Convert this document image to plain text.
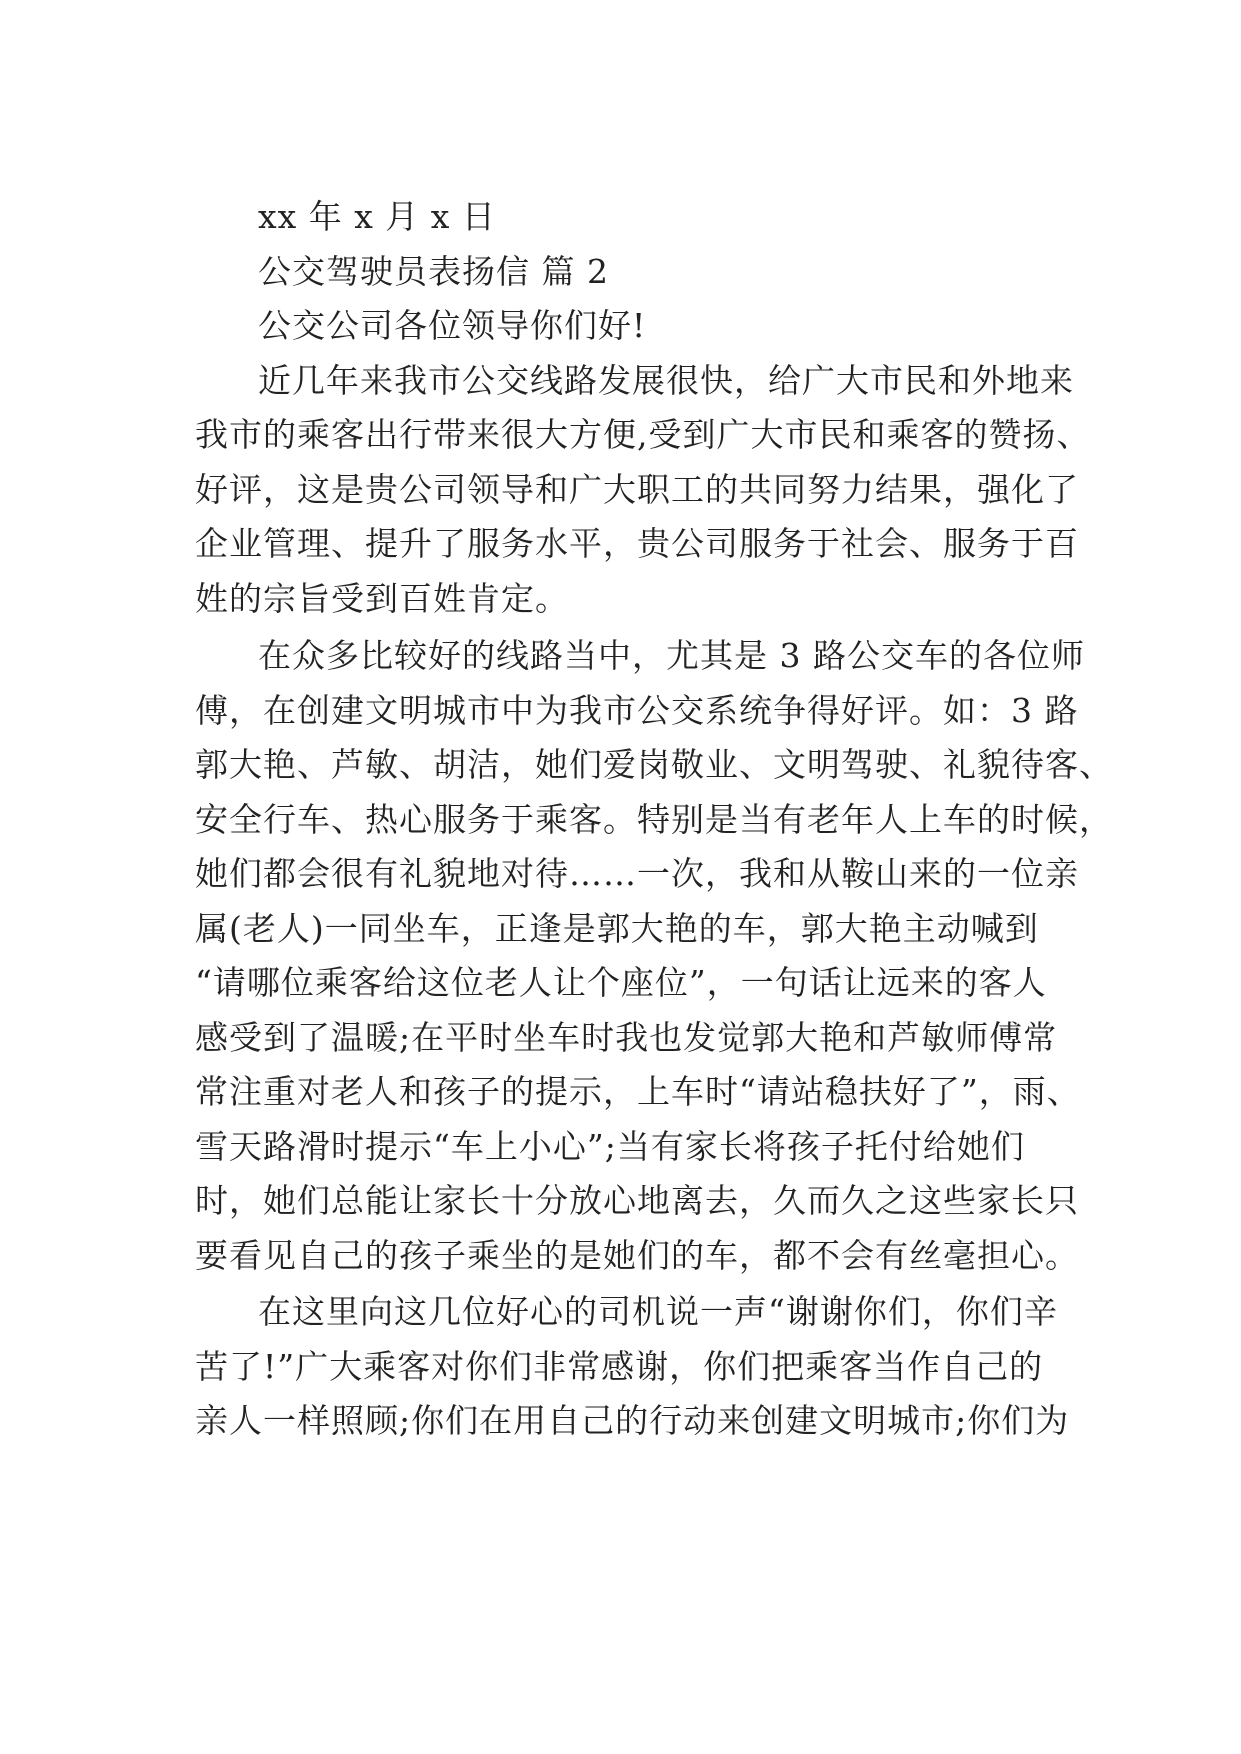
xx 年 x 月 x 日
公交驾驶员表扬信 篇 2
公交公司各位领导你们好!
近几年来我市公交线路发展很快，给广大市民和外地来
我市的乘客出行带来很大方便,受到广大市民和乘客的赞扬、
好评，这是贵公司领导和广大职工的共同努力结果，强化了
企业管理、提升了服务水平，贵公司服务于社会、服务于百
姓的宗旨受到百姓肯定。
在众多比较好的线路当中，尤其是 3 路公交车的各位师
傅，在创建文明城市中为我市公交系统争得好评。如：3 路
郭大艳、芦敏、胡洁，她们爱岗敬业、文明驾驶、礼貌待客、
安全行车、热心服务于乘客。特别是当有老年人上车的时候，
她们都会很有礼貌地对待……一次，我和从鞍山来的一位亲
属(老人)一同坐车，正逢是郭大艳的车，郭大艳主动喊到
“请哪位乘客给这位老人让个座位”，一句话让远来的客人
感受到了温暖;在平时坐车时我也发觉郭大艳和芦敏师傅常
常注重对老人和孩子的提示，上车时“请站稳扶好了”，雨、
雪天路滑时提示“车上小心”;当有家长将孩子托付给她们
时，她们总能让家长十分放心地离去，久而久之这些家长只
要看见自己的孩子乘坐的是她们的车，都不会有丝毫担心。
在这里向这几位好心的司机说一声“谢谢你们，你们辛
苦了!”广大乘客对你们非常感谢，你们把乘客当作自己的
亲人一样照顾;你们在用自己的行动来创建文明城市;你们为
